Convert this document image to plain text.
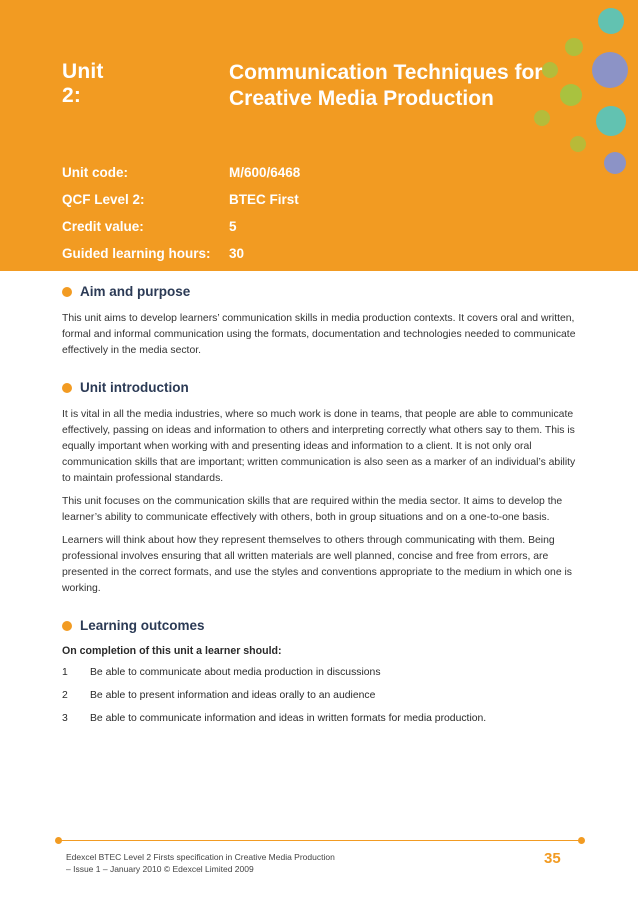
Unit 2:
Communication Techniques for Creative Media Production
Unit code:	M/600/6468
QCF Level 2:	BTEC First
Credit value:	5
Guided learning hours: 30
Aim and purpose

This unit aims to develop learners’ communication skills in media production contexts. It covers oral and written, formal and informal communication using the formats, documentation and technologies needed to communicate effectively in the media sector.

Unit introduction

It is vital in all the media industries, where so much work is done in teams, that people are able to communicate effectively, passing on ideas and information to others and interpreting correctly what others say to them. This is equally important when working with and presenting ideas and information to a client. It is not only oral communication skills that are important; written communication is also seen as a marker of an individual’s ability to maintain professional standards.

This unit focuses on the communication skills that are required within the media sector. It aims to develop the learner’s ability to communicate effectively with others, both in group situations and on a one-to-one basis.

Learners will think about how they represent themselves to others through communicating with them. Being professional involves ensuring that all written materials are well planned, concise and free from errors, are presented in the correct formats, and use the styles and conventions appropriate to the medium in which one is working.

Learning outcomes

On completion of this unit a learner should:

1	Be able to communicate about media production in discussions
2	Be able to present information and ideas orally to an audience
3	Be able to communicate information and ideas in written formats for media production.
Edexcel BTEC Level 2 Firsts specification in Creative Media Production
– Issue 1 – January 2010 © Edexcel Limited 2009
35
